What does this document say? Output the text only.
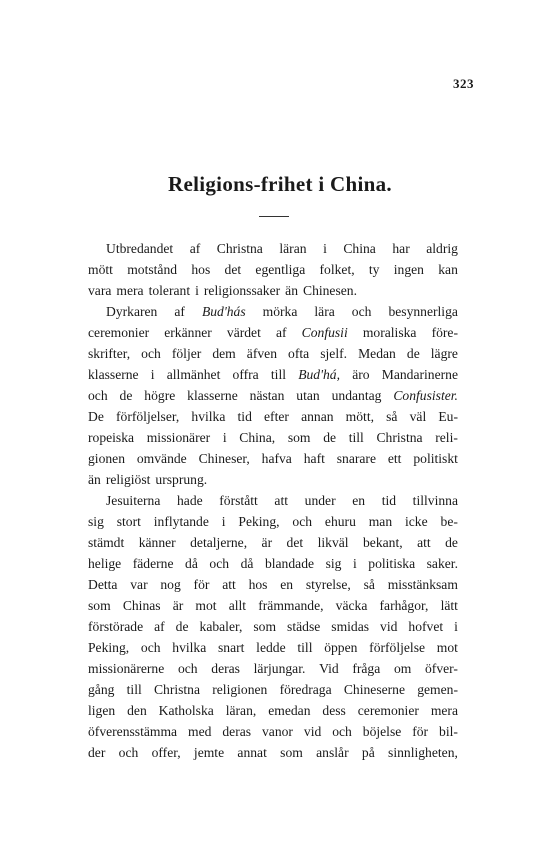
323
Religions-frihet i China.
Utbredandet af Christna läran i China har aldrig
mött motstånd hos det egentliga folket, ty ingen kan
vara mera tolerant i religionssaker än Chinesen.
Dyrkaren af Bud'hás mörka lära och besynnerliga
ceremonier erkänner värdet af Confusii moraliska före-
skrifter, och följer dem äfven ofta sjelf. Medan de lägre
klasserne i allmänhet offra till Bud'há, äro Mandarinerne
och de högre klasserne nästan utan undantag Confusister.
De förföljelser, hvilka tid efter annan mött, så väl Eu-
ropeiska missionärer i China, som de till Christna reli-
gionen omvände Chineser, hafva haft snarare ett politiskt
än religiöst ursprung.
Jesuiterna hade förstått att under en tid tillvinna
sig stort inflytande i Peking, och ehuru man icke be-
stämdt känner detaljerne, är det likväl bekant, att de
helige fäderne då och då blandade sig i politiska saker.
Detta var nog för att hos en styrelse, så misstänksam
som Chinas är mot allt främmande, väcka farhågor, lätt
förstörade af de kabaler, som städse smidas vid hofvet i
Peking, och hvilka snart ledde till öppen förföljelse mot
missionärerne och deras lärjungar. Vid fråga om öfver-
gång till Christna religionen föredraga Chineserne gemen-
ligen den Katholska läran, emedan dess ceremonier mera
öfverensstämma med deras vanor vid och böjelse för bil-
der och offer, jemte annat som anslår på sinnligheten,
